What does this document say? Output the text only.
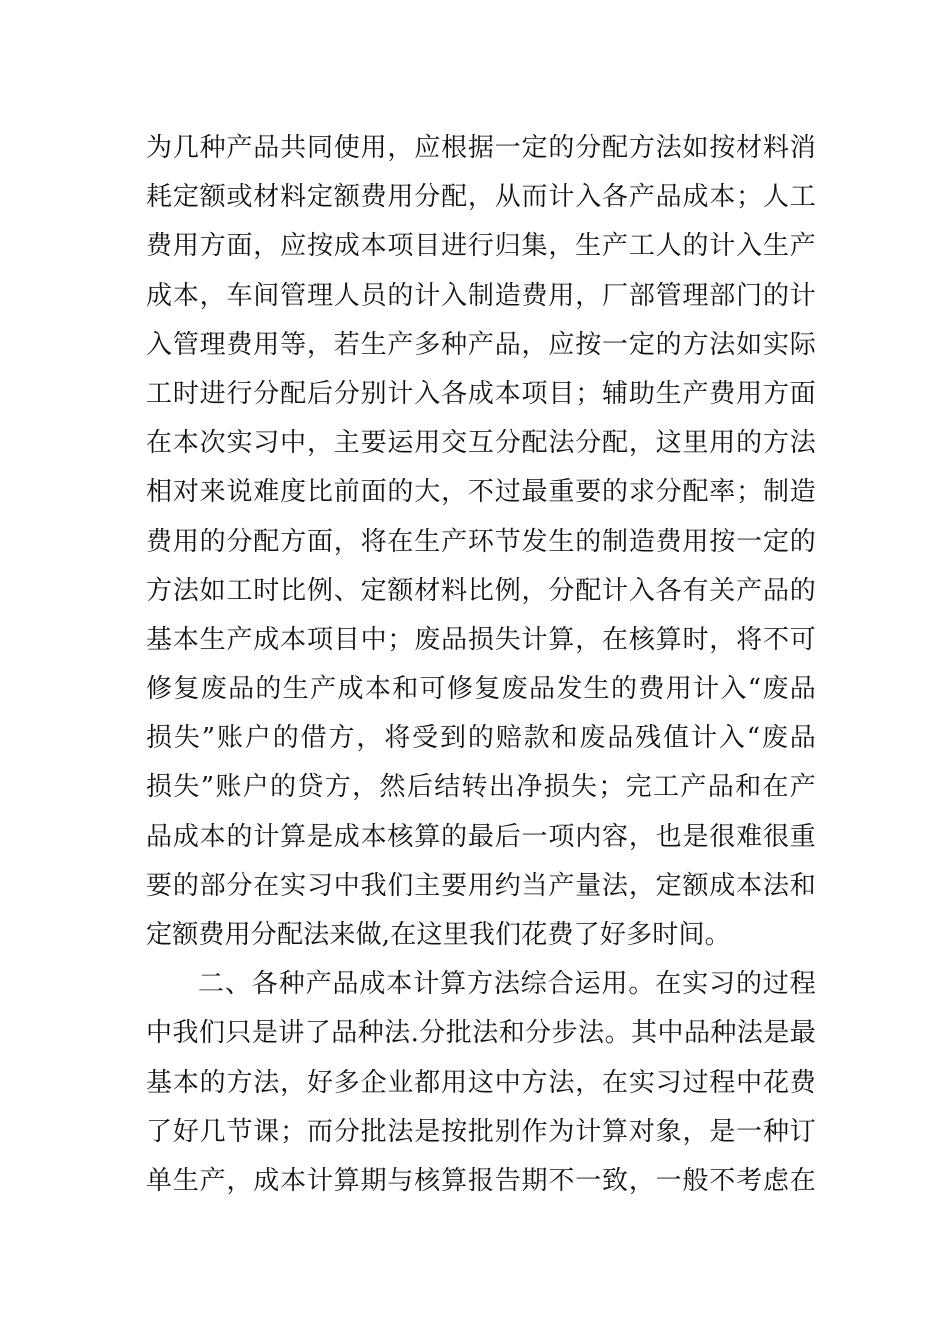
为几种产品共同使用，应根据一定的分配方法如按材料消
耗定额或材料定额费用分配，从而计入各产品成本；人工
费用方面，应按成本项目进行归集，生产工人的计入生产
成本，车间管理人员的计入制造费用，厂部管理部门的计
入管理费用等，若生产多种产品，应按一定的方法如实际
工时进行分配后分别计入各成本项目；辅助生产费用方面
在本次实习中，主要运用交互分配法分配，这里用的方法
相对来说难度比前面的大，不过最重要的求分配率；制造
费用的分配方面，将在生产环节发生的制造费用按一定的
方法如工时比例、定额材料比例，分配计入各有关产品的
基本生产成本项目中；废品损失计算，在核算时，将不可
修复废品的生产成本和可修复废品发生的费用计入“废品
损失”账户的借方，将受到的赔款和废品残值计入“废品
损失”账户的贷方，然后结转出净损失；完工产品和在产
品成本的计算是成本核算的最后一项内容，也是很难很重
要的部分在实习中我们主要用约当产量法，定额成本法和
定额费用分配法来做,在这里我们花费了好多时间。
二、各种产品成本计算方法综合运用。在实习的过程
中我们只是讲了品种法.分批法和分步法。其中品种法是最
基本的方法，好多企业都用这中方法，在实习过程中花费
了好几节课；而分批法是按批别作为计算对象，是一种订
单生产，成本计算期与核算报告期不一致，一般不考虑在
